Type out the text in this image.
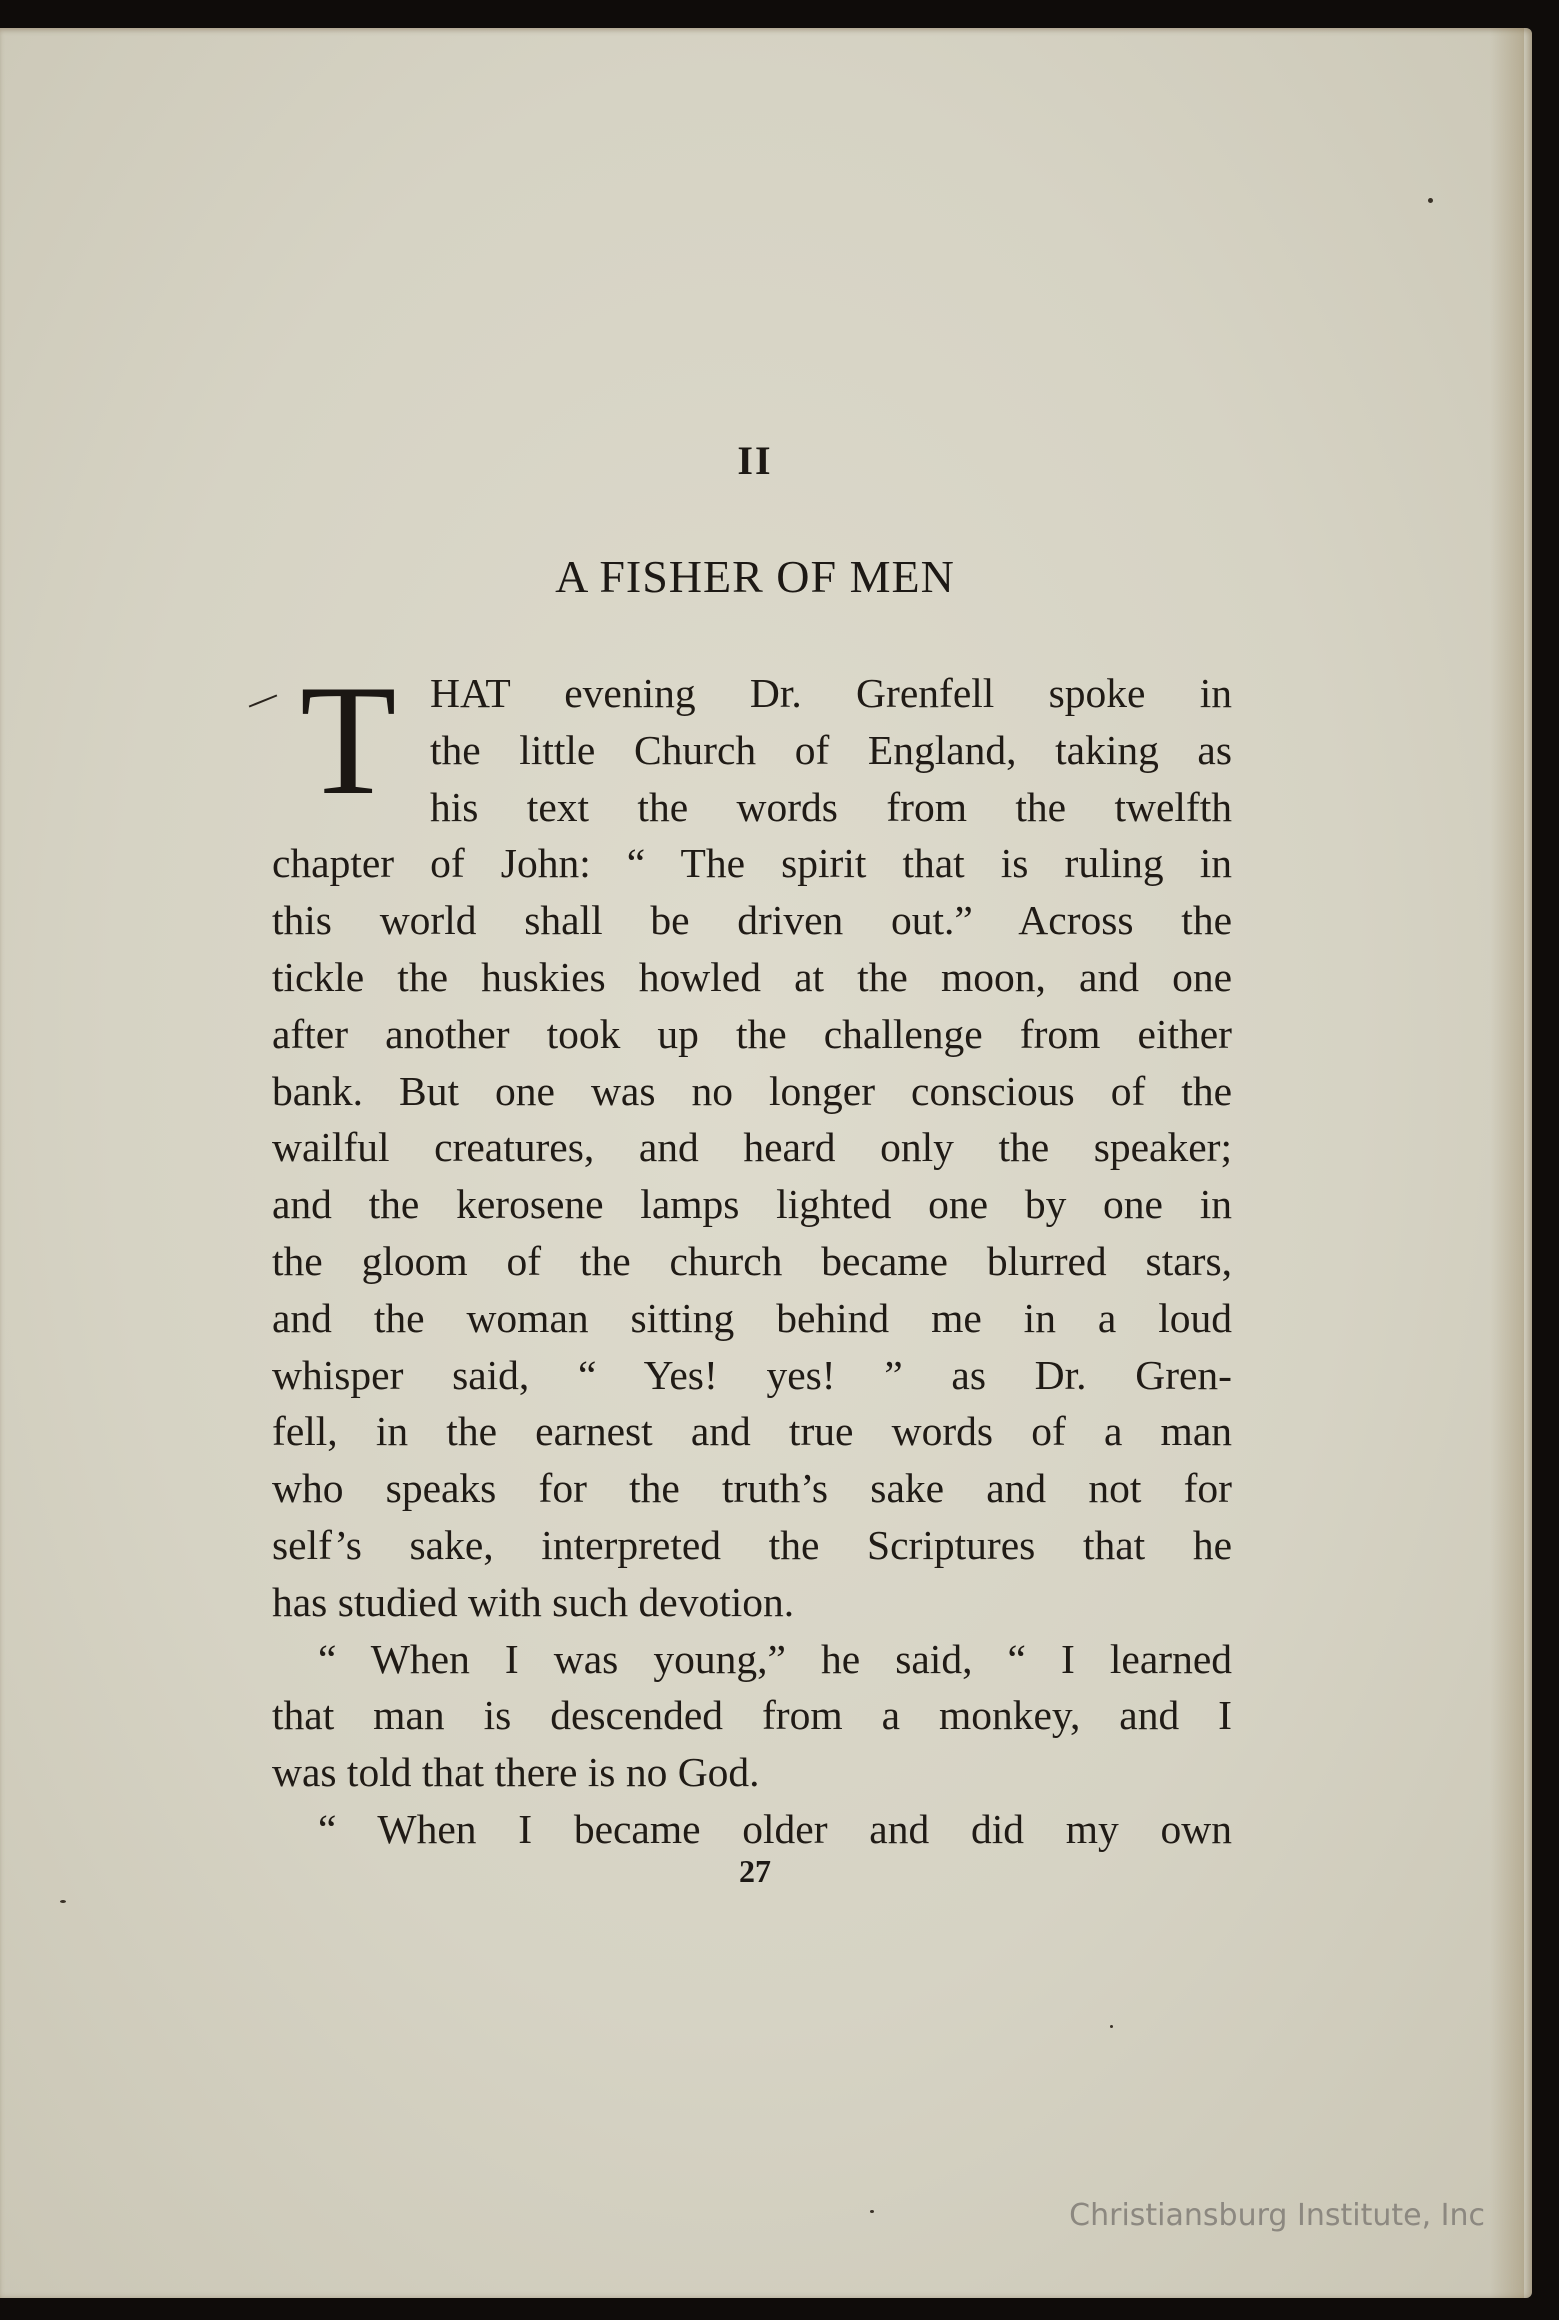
II
A FISHER OF MEN
T HAT evening Dr. Grenfell spoke in
the little Church of England, taking as
his text the words from the twelfth
chapter of John: “ The spirit that is ruling in
this world shall be driven out.” Across the
tickle the huskies howled at the moon, and one
after another took up the challenge from either
bank. But one was no longer conscious of the
wailful creatures, and heard only the speaker;
and the kerosene lamps lighted one by one in
the gloom of the church became blurred stars,
and the woman sitting behind me in a loud
whisper said, “ Yes! yes! ” as Dr. Gren-
fell, in the earnest and true words of a man
who speaks for the truth’s sake and not for
self’s sake, interpreted the Scriptures that he
has studied with such devotion.
“ When I was young,” he said, “ I learned
that man is descended from a monkey, and I
was told that there is no God.
“ When I became older and did my own
27
Christiansburg Institute, Inc
